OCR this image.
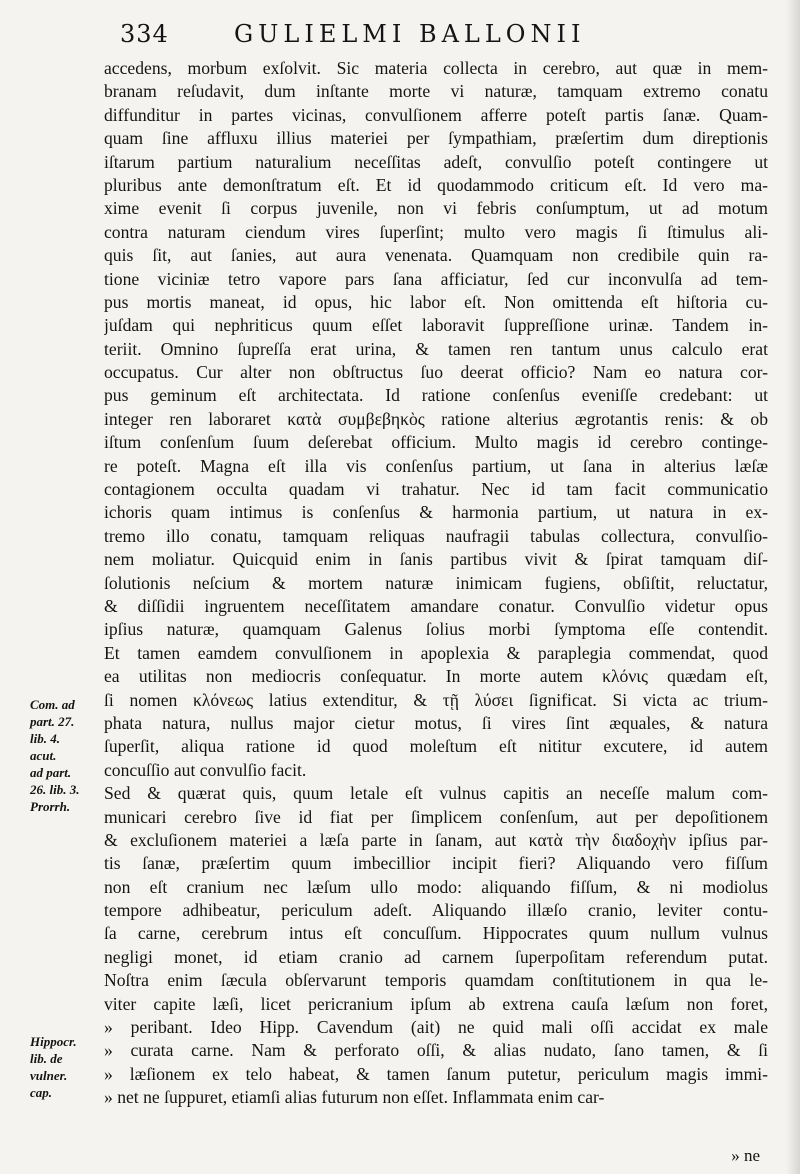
334	GULIELMI BALLONII
accedens, morbum exſolvit. Sic materia collecta in cerebro, aut quæ in mem-
branam reſudavit, dum inſtante morte vi naturæ, tamquam extremo conatu
diffunditur in partes vicinas, convulſionem afferre poteſt partis ſanæ. Quam-
quam ſine affluxu illius materiei per ſympathiam, præſertim dum direptionis
iſtarum partium naturalium neceſſitas adeſt, convulſio poteſt contingere ut
pluribus ante demonſtratum eſt. Et id quodammodo criticum eſt. Id vero ma-
xime evenit ſi corpus juvenile, non vi febris conſumptum, ut ad motum
contra naturam ciendum vires ſuperſint; multo vero magis ſi ſtimulus ali-
quis ſit, aut ſanies, aut aura venenata. Quamquam non credibile quin ra-
tione viciniæ tetro vapore pars ſana afficiatur, ſed cur inconvulſa ad tem-
pus mortis maneat, id opus, hic labor eſt. Non omittenda eſt hiſtoria cu-
juſdam qui nephriticus quum eſſet laboravit ſuppreſſione urinæ. Tandem in-
teriit. Omnino ſupreſſa erat urina, & tamen ren tantum unus calculo erat
occupatus. Cur alter non obſtructus ſuo deerat officio? Nam eo natura cor-
pus geminum eſt architectata. Id ratione conſenſus eveniſſe credebant: ut
integer ren laboraret κατὰ συμβεβηκὸς ratione alterius ægrotantis renis: & ob
iſtum conſenſum ſuum deſerebat officium. Multo magis id cerebro continge-
re poteſt. Magna eſt illa vis conſenſus partium, ut ſana in alterius læſæ
contagionem occulta quadam vi trahatur. Nec id tam facit communicatio
ichoris quam intimus is conſenſus & harmonia partium, ut natura in ex-
tremo illo conatu, tamquam reliquas naufragii tabulas collectura, convulſio-
nem moliatur. Quicquid enim in ſanis partibus vivit & ſpirat tamquam diſ-
ſolutionis neſcium & mortem naturæ inimicam fugiens, obſiſtit, reluctatur,
& diſſidii ingruentem neceſſitatem amandare conatur. Convulſio videtur opus
ipſius naturæ, quamquam Galenus ſolius morbi ſymptoma eſſe contendit.
Et tamen eamdem convulſionem in apoplexia & paraplegia commendat, quod
ea utilitas non mediocris conſequatur. In morte autem κλόνις quædam eſt,
ſi nomen κλόνεως latius extenditur, & τῇ λύσει ſignificat. Si victa ac trium-
phata natura, nullus major cietur motus, ſi vires ſint æquales, & natura
ſuperſit, aliqua ratione id quod moleſtum eſt nititur excutere, id autem
concuſſio aut convulſio facit.
Sed & quærat quis, quum letale eſt vulnus capitis an neceſſe malum com-
municari cerebro ſive id fiat per ſimplicem conſenſum, aut per depoſitionem
& excluſionem materiei a læſa parte in ſanam, aut κατὰ τὴν διαδοχὴν ipſius par-
tis ſanæ, præſertim quum imbecillior incipit fieri? Aliquando vero fiſſum
non eſt cranium nec læſum ullo modo: aliquando fiſſum, & ni modiolus
tempore adhibeatur, periculum adeſt. Aliquando illæſo cranio, leviter contu-
ſa carne, cerebrum intus eſt concuſſum. Hippocrates quum nullum vulnus
negligi monet, id etiam cranio ad carnem ſuperpoſitam referendum putat.
Noſtra enim ſæcula obſervarunt temporis quamdam conſtitutionem in qua le-
viter capite læſi, licet pericranium ipſum ab extrena cauſa læſum non foret,
» peribant. Ideo Hipp. Cavendum (ait) ne quid mali oſſi accidat ex male
» curata carne. Nam & perforato oſſi, & alias nudato, ſano tamen, & ſi
» læſionem ex telo habeat, & tamen ſanum putetur, periculum magis immi-
» net ne ſuppuret, etiamſi alias futurum non eſſet. Inflammata enim car-
Com. ad
part. 27.
lib. 4.
acut.
ad part.
26. lib. 3.
Prorrh.
Hippocr.
lib. de
vulner.
cap.
» ne
